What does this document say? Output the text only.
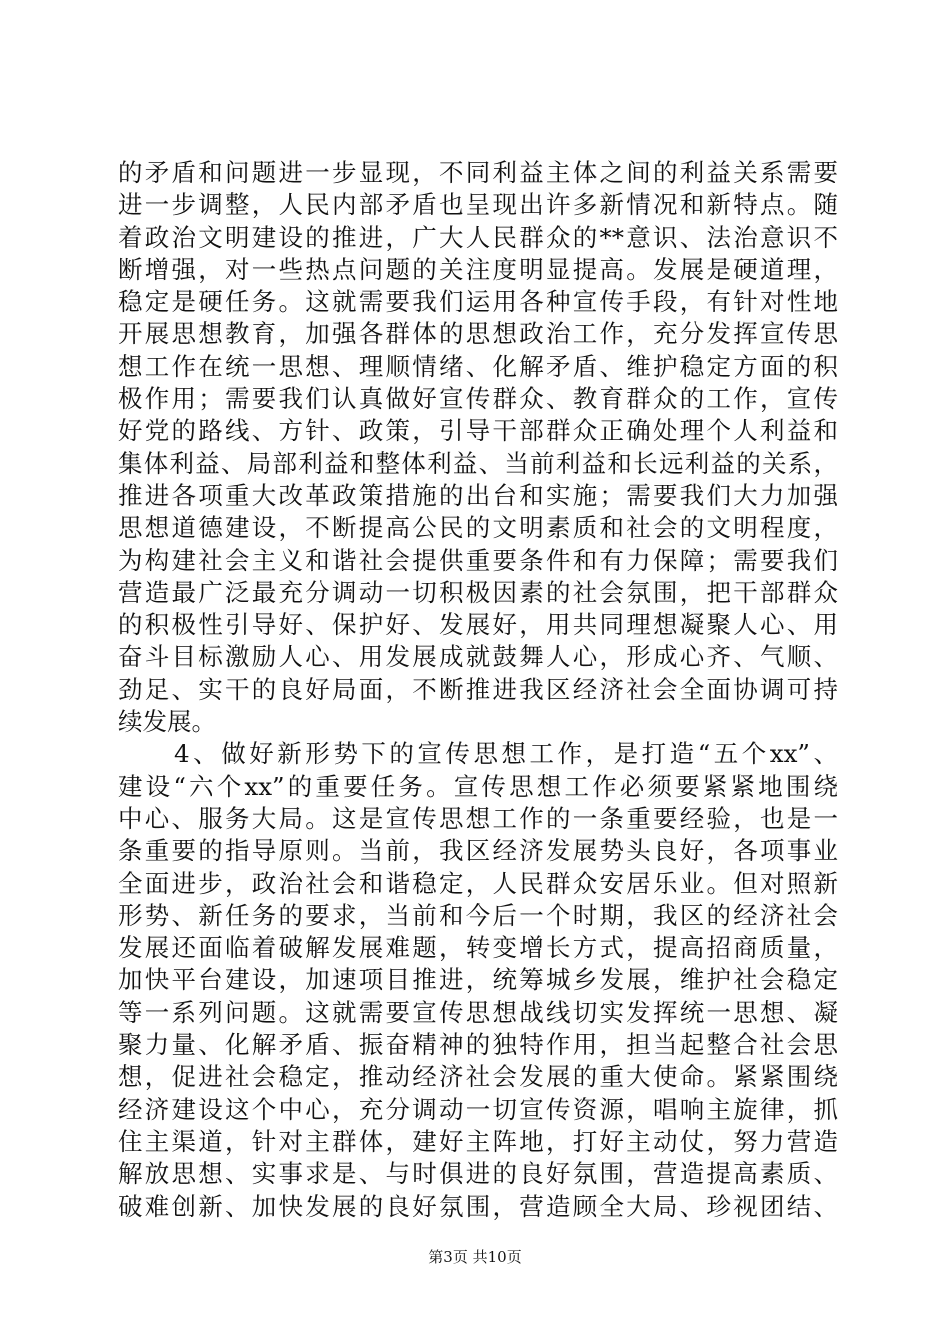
的矛盾和问题进一步显现，不同利益主体之间的利益关系需要
进一步调整，人民内部矛盾也呈现出许多新情况和新特点。随
着政治文明建设的推进，广大人民群众的**意识、法治意识不
断增强，对一些热点问题的关注度明显提高。发展是硬道理，
稳定是硬任务。这就需要我们运用各种宣传手段，有针对性地
开展思想教育，加强各群体的思想政治工作，充分发挥宣传思
想工作在统一思想、理顺情绪、化解矛盾、维护稳定方面的积
极作用；需要我们认真做好宣传群众、教育群众的工作，宣传
好党的路线、方针、政策，引导干部群众正确处理个人利益和
集体利益、局部利益和整体利益、当前利益和长远利益的关系，
推进各项重大改革政策措施的出台和实施；需要我们大力加强
思想道德建设，不断提高公民的文明素质和社会的文明程度，
为构建社会主义和谐社会提供重要条件和有力保障；需要我们
营造最广泛最充分调动一切积极因素的社会氛围，把干部群众
的积极性引导好、保护好、发展好，用共同理想凝聚人心、用
奋斗目标激励人心、用发展成就鼓舞人心，形成心齐、气顺、
劲足、实干的良好局面，不断推进我区经济社会全面协调可持
续发展。
　　4、做好新形势下的宣传思想工作，是打造“五个xx”、
建设“六个xx”的重要任务。宣传思想工作必须要紧紧地围绕
中心、服务大局。这是宣传思想工作的一条重要经验，也是一
条重要的指导原则。当前，我区经济发展势头良好，各项事业
全面进步，政治社会和谐稳定，人民群众安居乐业。但对照新
形势、新任务的要求，当前和今后一个时期，我区的经济社会
发展还面临着破解发展难题，转变增长方式，提高招商质量，
加快平台建设，加速项目推进，统筹城乡发展，维护社会稳定
等一系列问题。这就需要宣传思想战线切实发挥统一思想、凝
聚力量、化解矛盾、振奋精神的独特作用，担当起整合社会思
想，促进社会稳定，推动经济社会发展的重大使命。紧紧围绕
经济建设这个中心，充分调动一切宣传资源，唱响主旋律，抓
住主渠道，针对主群体，建好主阵地，打好主动仗，努力营造
解放思想、实事求是、与时俱进的良好氛围，营造提高素质、
破难创新、加快发展的良好氛围，营造顾全大局、珍视团结、
第3页 共10页
